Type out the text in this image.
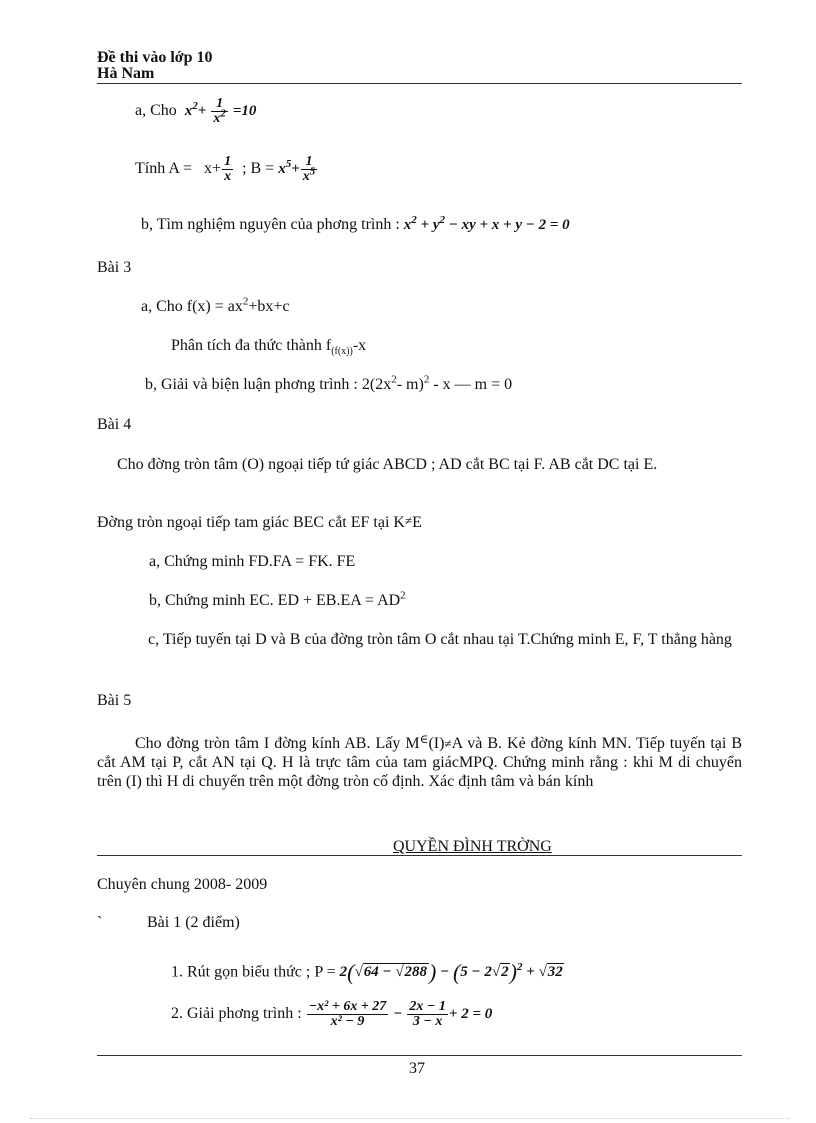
Đề thi vào lớp 10
Hà Nam
a, Cho $x^2+ \frac{1}{x^2} =10$
Tính $A = x+ \frac{1}{x}$ ; $B = x^5+ \frac{1}{x^5}$
b, Tìm nghiệm nguyên của phơng trình : $x^2 + y^2$ − xy + x + y − 2 = 0
Bài 3
a, Cho $f(x) = ax^2+bx+c$
Phân tích đa thức thành $f_{(f(x))}-x$
b, Giải và biện luận phơng trình : $2(2x^2-$ m)$^2$ - x — m = 0
Bài 4
Cho đờng tròn tâm (O) ngoại tiếp tứ giác ABCD ; AD cắt BC tại F. AB cắt DC tại E.
Đờng tròn ngoại tiếp tam giác BEC cắt EF tại K≠E
a, Chứng minh FD.FA = FK. FE
b, Chứng minh EC. ED + $EB.EA = AD^2$
c, Tiếp tuyến tại D và B của đờng tròn tâm O cắt nhau tại T.Chứng minh E, F, T thẳng hàng
Bài 5
Cho đờng tròn tâm I đờng kính AB. Lấy M∈(I)≠A và B. Kẻ đờng kính MN. Tiếp tuyến tại B cắt AM tại P, cắt AN tại Q. H là trực tâm của tam giácMPQ. Chứng minh rằng : khi M di chuyển trên (I) thì H di chuyển trên một đờng tròn cố định. Xác định tâm và bán kính
QUYỀN ĐÌNH TRỜNG
Chuyên chung 2008- 2009
`	Bài 1 (2 điểm)
1. Rút gọn biểu thức ; $P = 2(√64 - √288) - (5 - 2√2)^2 + √32$
2. Giải phơng trình : $\frac{\text{−x² + 6x + 27}}{\text{x² − 9}} - \frac{2x - 1}{3 - x} + 2 = 0$
37
